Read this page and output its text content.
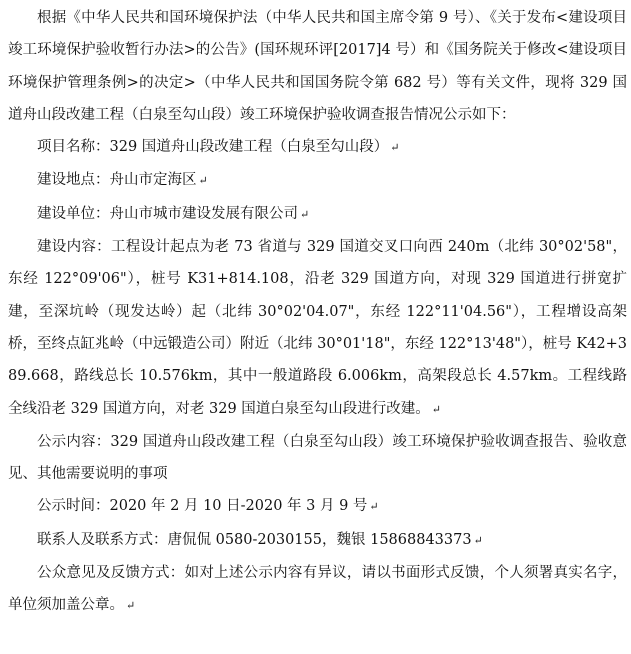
根据《中华人民共和国环境保护法（中华人民共和国主席令第 9 号）、《关于发布<建设项目竣工环境保护验收暂行办法>的公告》(国环规环评[2017]4 号）和《国务院关于修改<建设项目环境保护管理条例>的决定>（中华人民共和国国务院令第 682 号）等有关文件，现将 329 国道舟山段改建工程（白泉至勾山段）竣工环境保护验收调查报告情况公示如下：

项目名称：329 国道舟山段改建工程（白泉至勾山段） ↵

建设地点：舟山市定海区 ↵

建设单位：舟山市城市建设发展有限公司 ↵

建设内容：工程设计起点为老 73 省道与 329 国道交叉口向西 240m（北纬 30°02'58"，东经 122°09'06"），桩号 K31+814.108，沿老 329 国道方向，对现 329 国道进行拼宽扩建，至深坑岭（现发达岭）起（北纬 30°02'04.07"，东经 122°11'04.56"），工程增设高架桥，至终点缸兆岭（中远锻造公司）附近（北纬 30°01'18"，东经 122°13'48"），桩号 K42+389.668，路线总长 10.576km，其中一般道路段 6.006km，高架段总长 4.57km。工程线路全线沿老 329 国道方向，对老 329 国道白泉至勾山段进行改建。 ↵

公示内容：329 国道舟山段改建工程（白泉至勾山段）竣工环境保护验收调查报告、验收意见、其他需要说明的事项

公示时间：2020 年 2 月 10 日-2020 年 3 月 9 号 ↵

联系人及联系方式：唐侃侃 0580-2030155，魏银 15868843373 ↵

公众意见及反馈方式：如对上述公示内容有异议，请以书面形式反馈，个人须署真实名字，单位须加盖公章。 ↵
